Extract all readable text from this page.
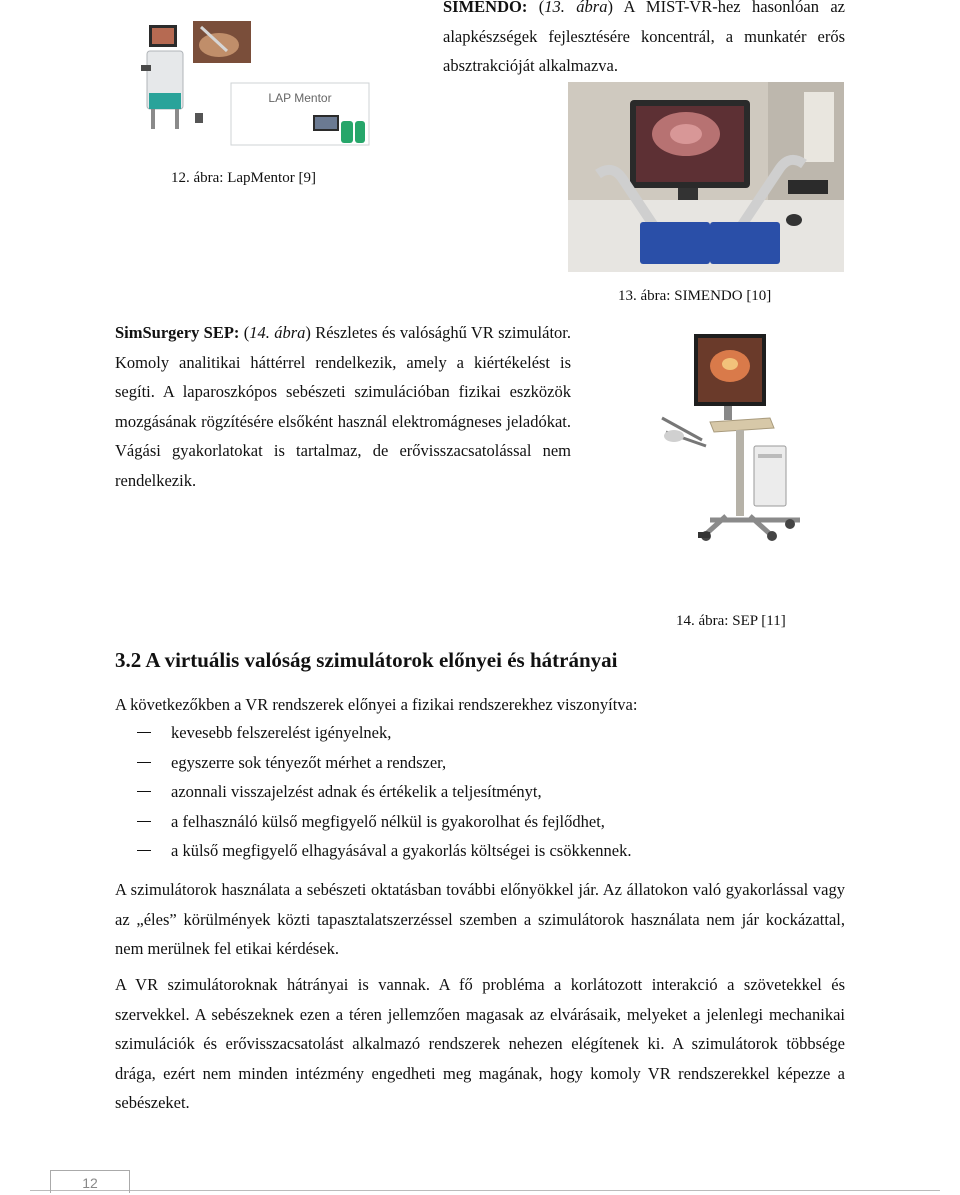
SIMENDO: (13. ábra) A MIST-VR-hez hasonlóan az alapkészségek fejlesztésére koncentrál, a munkatér erős absztrakcióját alkalmazva.
LAP Mentor
12. ábra: LapMentor [9]
13. ábra: SIMENDO [10]
SimSurgery SEP: (14. ábra) Részletes és valósághű VR szimulátor. Komoly analitikai háttérrel rendelkezik, amely a kiértékelést is segíti. A laparoszkópos sebészeti szimulációban fizikai eszközök mozgásának rögzítésére elsőként használ elektromágneses jeladókat. Vágási gyakorlatokat is tartalmaz, de erővisszacsatolással nem rendelkezik.
14. ábra: SEP [11]
3.2 A virtuális valóság szimulátorok előnyei és hátrányai
A következőkben a VR rendszerek előnyei a fizikai rendszerekhez viszonyítva:
kevesebb felszerelést igényelnek,
egyszerre sok tényezőt mérhet a rendszer,
azonnali visszajelzést adnak és értékelik a teljesítményt,
a felhasználó külső megfigyelő nélkül is gyakorolhat és fejlődhet,
a külső megfigyelő elhagyásával a gyakorlás költségei is csökkennek.
A szimulátorok használata a sebészeti oktatásban további előnyökkel jár. Az állatokon való gyakorlással vagy az „éles” körülmények közti tapasztalatszerzéssel szemben a szimulátorok használata nem jár kockázattal, nem merülnek fel etikai kérdések.
A VR szimulátoroknak hátrányai is vannak. A fő probléma a korlátozott interakció a szövetekkel és szervekkel. A sebészeknek ezen a téren jellemzően magasak az elvárásaik, melyeket a jelenlegi mechanikai szimulációk és erővisszacsatolást alkalmazó rendszerek nehezen elégítenek ki. A szimulátorok többsége drága, ezért nem minden intézmény engedheti meg magának, hogy komoly VR rendszerekkel képezze a sebészeket.
12
